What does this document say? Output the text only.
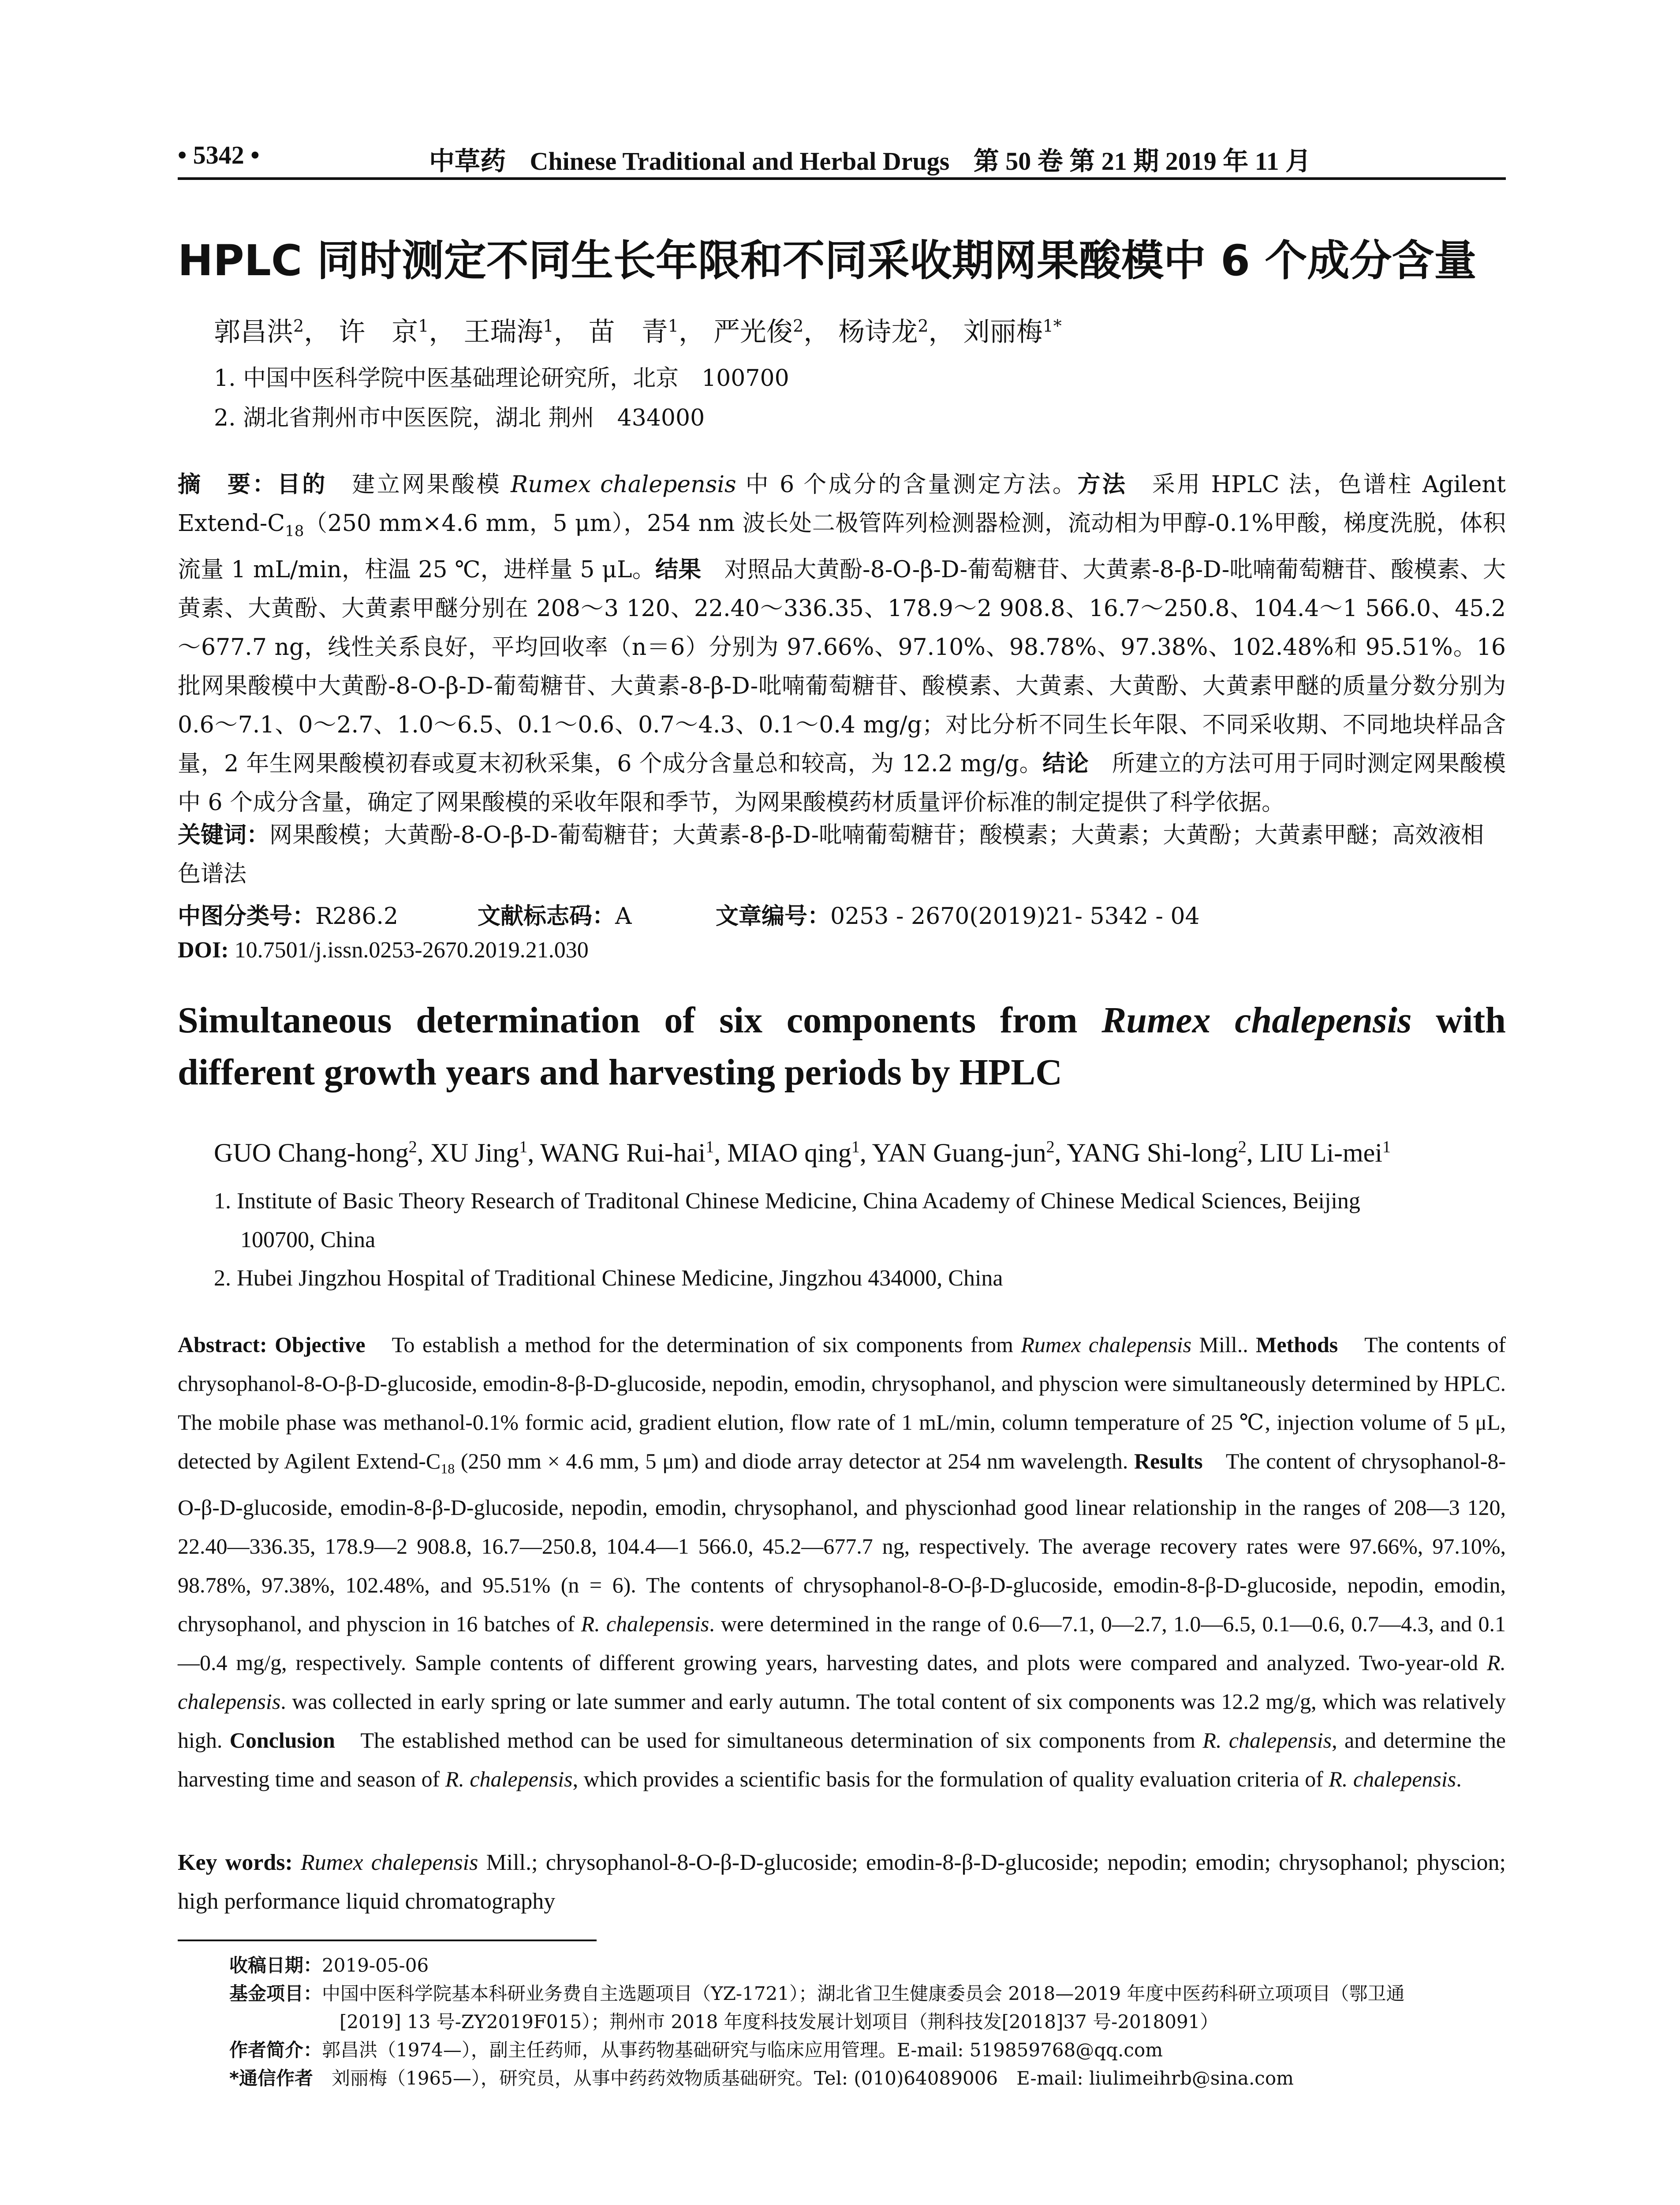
• 5342 •	中草药 Chinese Traditional and Herbal Drugs 第 50 卷 第 21 期 2019 年 11 月
HPLC 同时测定不同生长年限和不同采收期网果酸模中 6 个成分含量
郭昌洪$^2$， 许　京$^1$， 王瑞海$^1$， 苗　青$^1$， 严光俊$^2$， 杨诗龙$^2$， 刘丽梅$^{1*}$
1. 中国中医科学院中医基础理论研究所，北京　100700
2. 湖北省荆州市中医医院，湖北 荆州　434000
摘　要：目的　建立网果酸模 Rumex chalepensis 中 6 个成分的含量测定方法。方法　采用 HPLC 法，色谱柱 Agilent Extend-$C_{18}(250$ mm×4.6 mm，5 μm），254 nm 波长处二极管阵列检测器检测，流动相为甲醇-0.1%甲酸，梯度洗脱，体积流量 1 mL/min，柱温 25 ℃，进样量 5 μL。结果　对照品大黄酚-8-O-β-D-葡萄糖苷、大黄素-8-β-D-吡喃葡萄糖苷、酸模素、大黄素、大黄酚、大黄素甲醚分别在 208～3 120、22.40～336.35、178.9～2 908.8、16.7～250.8、104.4～1 566.0、45.2～677.7 ng，线性关系良好，平均回收率（n＝6）分别为 97.66%、97.10%、98.78%、97.38%、102.48%和 95.51%。16 批网果酸模中大黄酚-8-O-β-D-葡萄糖苷、大黄素-8-β-D-吡喃葡萄糖苷、酸模素、大黄素、大黄酚、大黄素甲醚的质量分数分别为 0.6～7.1、0～2.7、1.0～6.5、0.1～0.6、0.7～4.3、0.1～0.4 mg/g；对比分析不同生长年限、不同采收期、不同地块样品含量，2 年生网果酸模初春或夏末初秋采集，6 个成分含量总和较高，为 12.2 mg/g。结论　所建立的方法可用于同时测定网果酸模中 6 个成分含量，确定了网果酸模的采收年限和季节，为网果酸模药材质量评价标准的制定提供了科学依据。
关键词：网果酸模；大黄酚-8-O-β-D-葡萄糖苷；大黄素-8-β-D-吡喃葡萄糖苷；酸模素；大黄素；大黄酚；大黄素甲醚；高效液相色谱法
中图分类号：R286.2	文献标志码：A	文章编号：0253 - 2670(2019)21- 5342 - 04
DOI: 10.7501/j.issn.0253-2670.2019.21.030
Simultaneous determination of six components from Rumex chalepensis with different growth years and harvesting periods by HPLC
GUO Chang-hong$^2$, XU Jing$^1$, WANG Rui-hai$^1$, MIAO qing$^1$, YAN Guang-jun$^2$, YANG Shi-long$^2$, LIU Li-mei$^1$
1. Institute of Basic Theory Research of Traditonal Chinese Medicine, China Academy of Chinese Medical Sciences, Beijing
100700, China
2. Hubei Jingzhou Hospital of Traditional Chinese Medicine, Jingzhou 434000, China
Abstract: Objective　To establish a method for the determination of six components from Rumex chalepensis Mill.. Methods　The contents of chrysophanol-8-O-β-D-glucoside, emodin-8-β-D-glucoside, nepodin, emodin, chrysophanol, and physcion were simultaneously determined by HPLC. The mobile phase was methanol-0.1% formic acid, gradient elution, flow rate of 1 mL/min, column temperature of 25 ℃, injection volume of 5 μL, detected by Agilent Extend-$C_{18}$ (250 mm × 4.6 mm, 5 μm) and diode array detector at 254 nm wavelength. Results　The content of chrysophanol-8-O-β-D-glucoside, emodin-8-β-D-glucoside, nepodin, emodin, chrysophanol, and physcionhad good linear relationship in the ranges of 208—3 120, 22.40—336.35, 178.9—2 908.8, 16.7—250.8, 104.4—1 566.0, 45.2—677.7 ng, respectively. The average recovery rates were 97.66%, 97.10%, 98.78%, 97.38%, 102.48%, and 95.51% (n = 6). The contents of chrysophanol-8-O-β-D-glucoside, emodin-8-β-D-glucoside, nepodin, emodin, chrysophanol, and physcion in 16 batches of R. chalepensis. were determined in the range of 0.6—7.1, 0—2.7, 1.0—6.5, 0.1—0.6, 0.7—4.3, and 0.1—0.4 mg/g, respectively. Sample contents of different growing years, harvesting dates, and plots were compared and analyzed. Two-year-old R. chalepensis. was collected in early spring or late summer and early autumn. The total content of six components was 12.2 mg/g, which was relatively high. Conclusion　The established method can be used for simultaneous determination of six components from R. chalepensis, and determine the harvesting time and season of R. chalepensis, which provides a scientific basis for the formulation of quality evaluation criteria of R. chalepensis.
Key words: Rumex chalepensis Mill.; chrysophanol-8-O-β-D-glucoside; emodin-8-β-D-glucoside; nepodin; emodin; chrysophanol; physcion; high performance liquid chromatography
收稿日期：2019-05-06
基金项目：中国中医科学院基本科研业务费自主选题项目（YZ-1721）；湖北省卫生健康委员会 2018—2019 年度中医药科研立项项目（鄂卫通
[2019] 13 号-ZY2019F015）；荆州市 2018 年度科技发展计划项目（荆科技发[2018]37 号-2018091）
作者简介：郭昌洪（1974—），副主任药师，从事药物基础研究与临床应用管理。E-mail: 519859768@qq.com
*通信作者　刘丽梅（1965—），研究员，从事中药药效物质基础研究。Tel: (010)64089006　E-mail: liulimeihrb@sina.com
